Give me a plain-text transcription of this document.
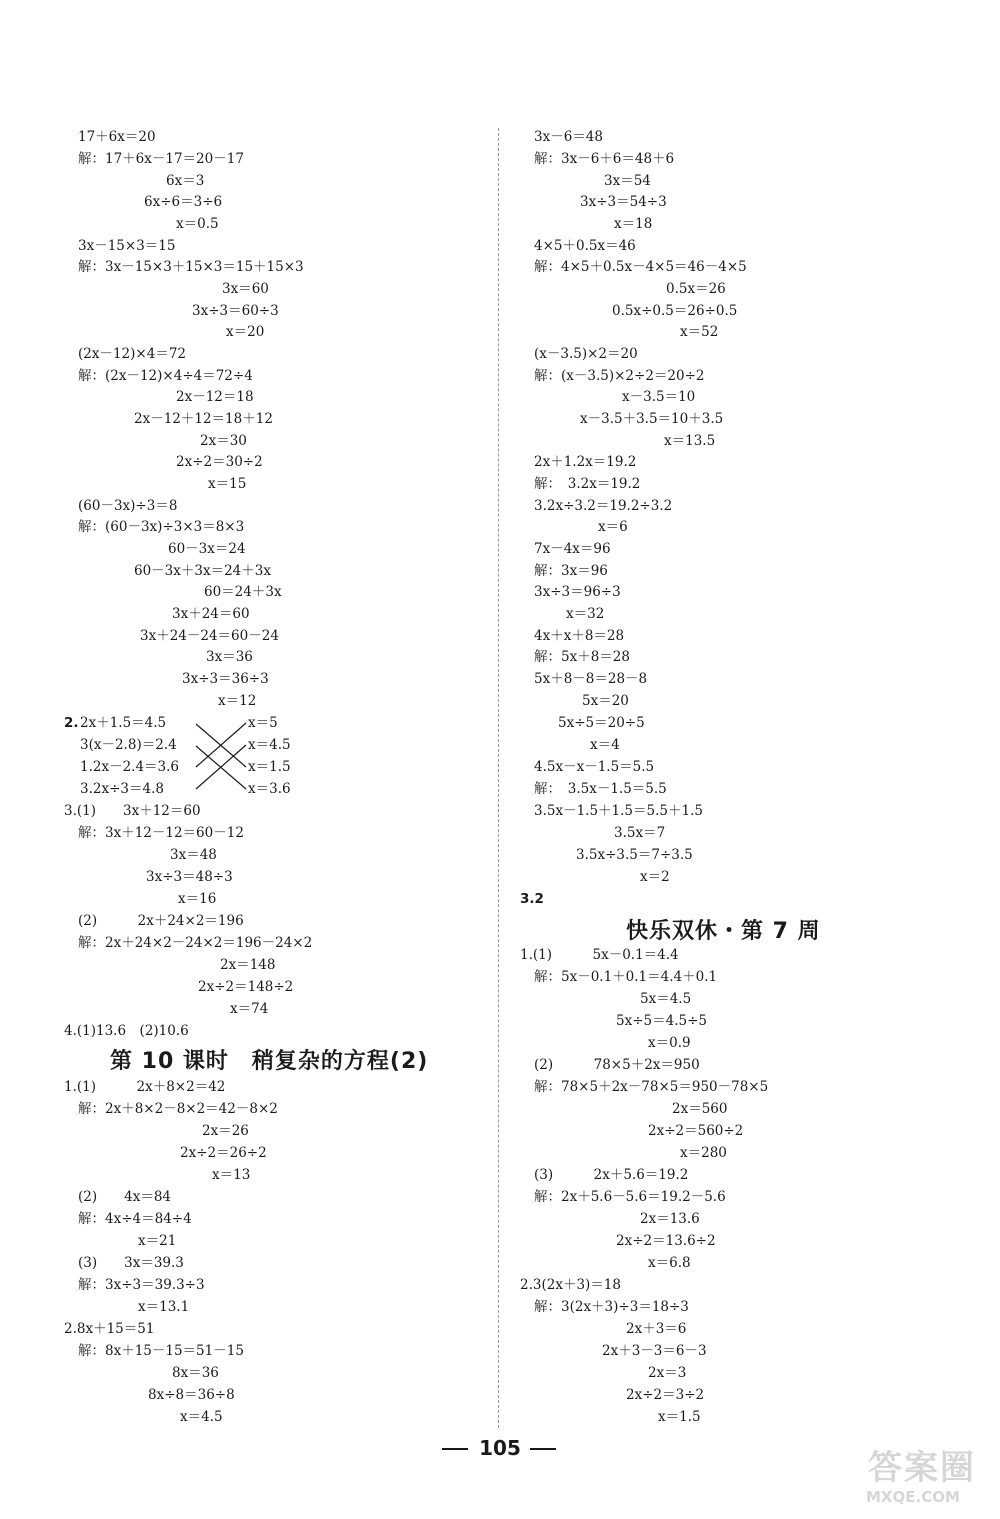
17＋6x＝20
解：17＋6x－17＝20－17
6x＝3
6x÷6＝3÷6
x＝0.5
3x－15×3＝15
解：3x－15×3＋15×3＝15＋15×3
3x＝60
3x÷3＝60÷3
x＝20
(2x－12)×4＝72
解：(2x－12)×4÷4＝72÷4
2x－12＝18
2x－12＋12＝18＋12
2x＝30
2x÷2＝30÷2
x＝15
(60－3x)÷3＝8
解：(60－3x)÷3×3＝8×3
60－3x＝24
60－3x＋3x＝24＋3x
60＝24＋3x
3x＋24＝60
3x＋24－24＝60－24
3x＝36
3x÷3＝36÷3
x＝12
2. 2x＋1.5＝4.5
3(x－2.8)＝2.4
1.2x－2.4＝3.6
3.2x÷3＝4.8
x＝5
x＝4.5
x＝1.5
x＝3.6
3.(1)　　3x＋12＝60
解：3x＋12－12＝60－12
3x＝48
3x÷3＝48÷3
x＝16
(2)　　　2x＋24×2＝196
解：2x＋24×2－24×2＝196－24×2
2x＝148
2x÷2＝148÷2
x＝74
4.(1)13.6　(2)10.6
第 10 课时　稍复杂的方程(2)
1.(1)　　　2x＋8×2＝42
解：2x＋8×2－8×2＝42－8×2
2x＝26
2x÷2＝26÷2
x＝13
(2)　　4x＝84
解：4x÷4＝84÷4
x＝21
(3)　　3x＝39.3
解：3x÷3＝39.3÷3
x＝13.1
2.8x＋15＝51
解：8x＋15－15＝51－15
8x＝36
8x÷8＝36÷8
x＝4.5
3x－6＝48
解：3x－6＋6＝48＋6
3x＝54
3x÷3＝54÷3
x＝18
4×5＋0.5x＝46
解：4×5＋0.5x－4×5＝46－4×5
0.5x＝26
0.5x÷0.5＝26÷0.5
x＝52
(x－3.5)×2＝20
解：(x－3.5)×2÷2＝20÷2
x－3.5＝10
x－3.5＋3.5＝10＋3.5
x＝13.5
2x＋1.2x＝19.2
解：　3.2x＝19.2
3.2x÷3.2＝19.2÷3.2
x＝6
7x－4x＝96
解：3x＝96
3x÷3＝96÷3
x＝32
4x＋x＋8＝28
解：5x＋8＝28
5x＋8－8＝28－8
5x＝20
5x÷5＝20÷5
x＝4
4.5x－x－1.5＝5.5
解：　3.5x－1.5＝5.5
3.5x－1.5＋1.5＝5.5＋1.5
3.5x＝7
3.5x÷3.5＝7÷3.5
x＝2
3.2
快乐双休・第 7 周
1.(1)　　　5x－0.1＝4.4
解：5x－0.1＋0.1＝4.4＋0.1
5x＝4.5
5x÷5＝4.5÷5
x＝0.9
(2)　　　78×5＋2x＝950
解：78×5＋2x－78×5＝950－78×5
2x＝560
2x÷2＝560÷2
x＝280
(3)　　　2x＋5.6＝19.2
解：2x＋5.6－5.6＝19.2－5.6
2x＝13.6
2x÷2＝13.6÷2
x＝6.8
2.3(2x＋3)＝18
解：3(2x＋3)÷3＝18÷3
2x＋3＝6
2x＋3－3＝6－3
2x＝3
2x÷2＝3÷2
x＝1.5
105	答案圈
MXQE.COM
